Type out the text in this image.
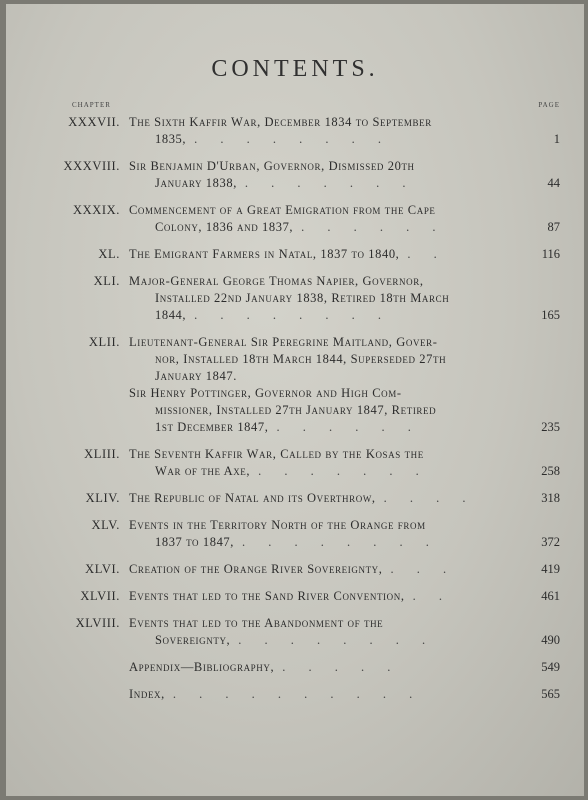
CONTENTS.
CHAPTER	PAGE
XXXVII. The Sixth Kaffir War, December 1834 to September
1835, . . . . . . . .	1
XXXVIII. Sir Benjamin D'Urban, Governor, Dismissed 20th
January 1838, . . . . . . .	44
XXXIX. Commencement of a Great Emigration from the Cape
Colony, 1836 and 1837, . . . . . .	87
XL. The Emigrant Farmers in Natal, 1837 to 1840, . .	116
XLI. Major-General George Thomas Napier, Governor,
Installed 22nd January 1838, Retired 18th March
1844, . . . . . . . .	165
XLII. Lieutenant-General Sir Peregrine Maitland, Gover-
nor, Installed 18th March 1844, Superseded 27th
January 1847.
Sir Henry Pottinger, Governor and High Com-
missioner, Installed 27th January 1847, Retired
1st December 1847, . . . . . .	235
XLIII. The Seventh Kaffir War, Called by the Kosas the
War of the Axe, . . . . . . .	258
XLIV. The Republic of Natal and its Overthrow, . . . .	318
XLV. Events in the Territory North of the Orange from
1837 to 1847, . . . . . . . .	372
XLVI. Creation of the Orange River Sovereignty, . . .	419
XLVII. Events that led to the Sand River Convention, . .	461
XLVIII. Events that led to the Abandonment of the
Sovereignty, . . . . . . . .	490
Appendix—Bibliography, . . . . .	549
Index, . . . . . . . . . .	565
